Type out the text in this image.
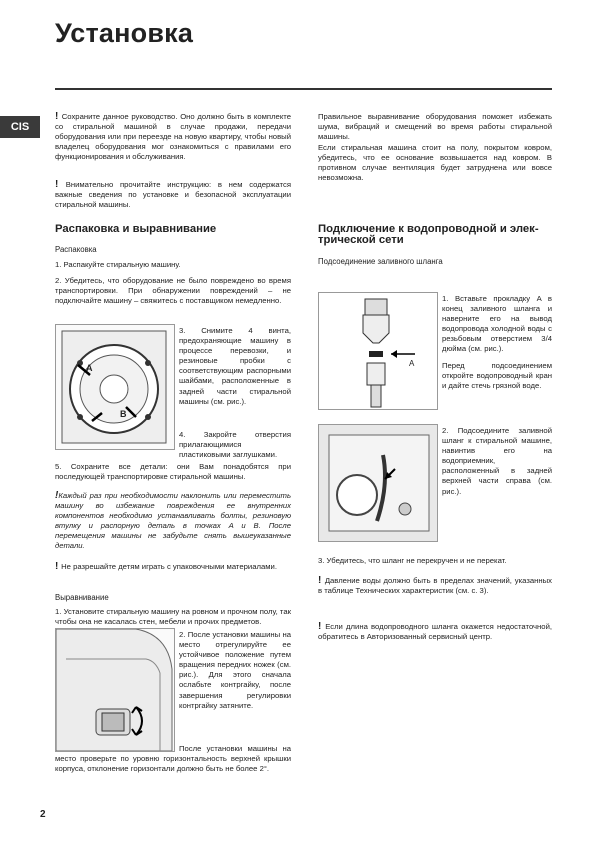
Установка
CIS
! Сохраните данное руководство. Оно должно быть в комплекте со стиральной машиной в случае продажи, передачи оборудования или при переезде на новую квартиру, чтобы новый владелец оборудования мог ознакомиться с правилами его функционирования и обслуживания.
! Внимательно прочитайте инструкцию: в нем содержатся важные сведения по установке и безопасной эксплуатации стиральной машины.
Распаковка и выравнивание
Распаковка
1. Распакуйте стиральную машину.
2. Убедитесь, что оборудование не было повреждено во время транспортировки. При обнаружении повреждений – не подключайте машину – свяжитесь с поставщиком немедленно.
A
B
3. Снимите 4 винта, предохраняющие машину в процессе перевозки, и резиновые пробки с соответствующим распорными шайбами, расположенные в задней части стиральной машины (см. рис.).
4. Закройте отверстия прилагающимися пластиковыми заглушками.
5. Сохраните все детали: они Вам понадобятся при последующей транспортировке стиральной машины.
!Каждый раз при необходимости наклонить или переместить машину во избежание повреждения ее внутренних компонентов необходимо устанавливать болты, резиновую втулку и распорную деталь в точках A и B. После перемещения машины не забудьте снять вышеуказанные детали.
! Не разрешайте детям играть с упаковочными материалами.
Выравнивание
1. Установите стиральную машину на ровном и прочном полу, так чтобы она не касалась стен, мебели и прочих предметов.
2. После установки машины на место отрегулируйте ее устойчивое положение путем вращения передних ножек (см. рис.). Для этого сначала ослабьте контргайку, после завершения регулировки контргайку затяните.
После установки машины на место проверьте по уровню горизонтальность верхней крышки корпуса, отклонение горизонтали должно быть не более 2°.
2
Правильное выравнивание оборудования поможет избежать шума, вибраций и смещений во время работы стиральной машины.
Если стиральная машина стоит на полу, покрытом ковром, убедитесь, что ее основание возвышается над ковром. В противном случае вентиляция будет затруднена или вовсе невозможна.
Подключение к водопроводной и элек-
трической сети
Подсоединение заливного шланга
A
1. Вставьте прокладку A в конец заливного шланга и наверните его на вывод водопровода холодной воды с резьбовым отверстием 3/4 дюйма (см. рис.).
Перед подсоединением откройте водопроводный кран и дайте стечь грязной воде.
2. Подсоедините заливной шланг к стиральной машине, навинтив его на водоприемник, расположенный в задней верхней части справа (см. рис.).
3. Убедитесь, что шланг не перекручен и не перекат.
! Давление воды должно быть в пределах значений, указанных в таблице Технических характеристик (см. с. 3).
! Если длина водопроводного шланга окажется недостаточной, обратитесь в Авторизованный сервисный центр.
